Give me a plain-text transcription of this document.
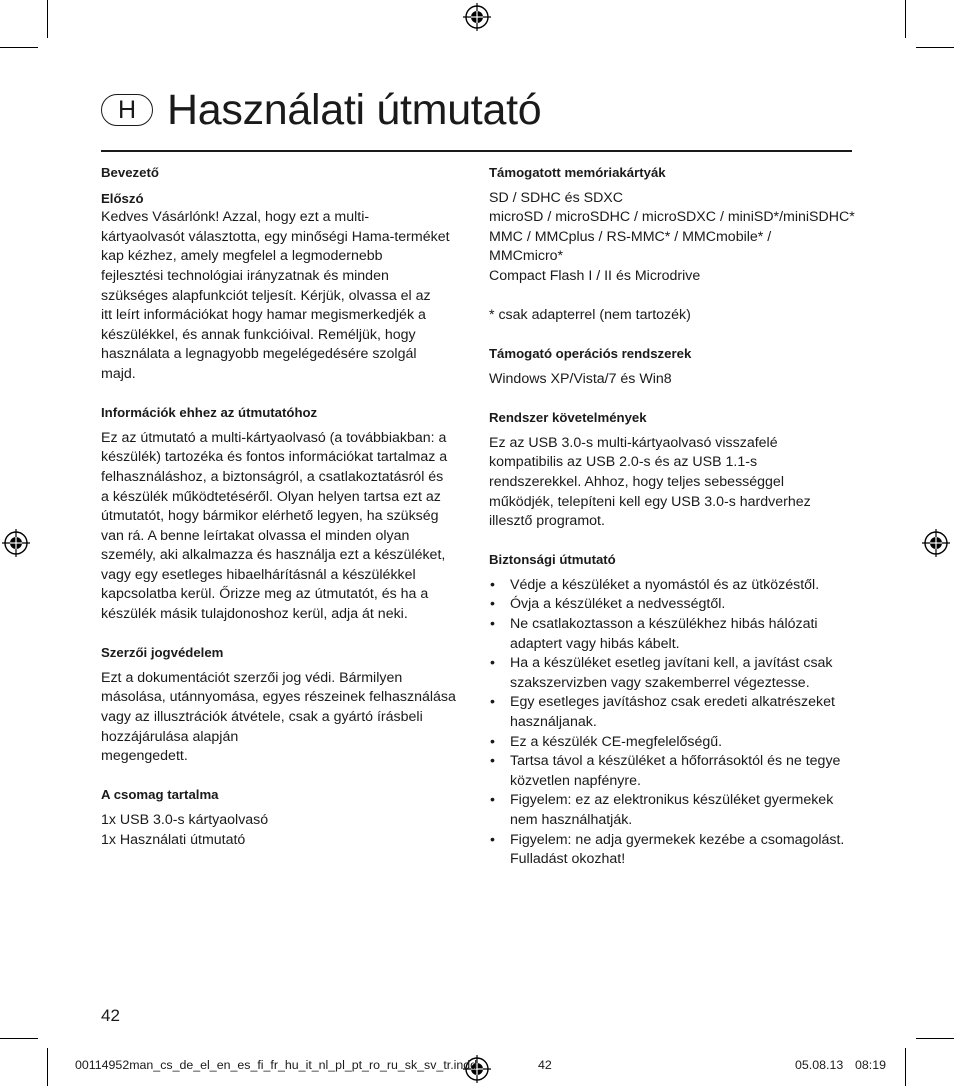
H Használati útmutató

Bevezető

Előszó

Kedves Vásárlónk! Azzal, hogy ezt a multi-
kártyaolvasót választotta, egy minőségi Hama-terméket
kap kézhez, amely megfelel a legmodernebb
fejlesztési technológiai irányzatnak és minden
szükséges alapfunkciót teljesít. Kérjük, olvassa el az
itt leírt információkat hogy hamar megismerkedjék a
készülékkel, és annak funkcióival. Reméljük, hogy
használata a legnagyobb megelégedésére szolgál
majd.

Információk ehhez az útmutatóhoz

Ez az útmutató a multi-kártyaolvasó (a továbbiakban: a
készülék) tartozéka és fontos információkat tartalmaz a
felhasználáshoz, a biztonságról, a csatlakoztatásról és
a készülék működtetéséről. Olyan helyen tartsa ezt az
útmutatót, hogy bármikor elérhető legyen, ha szükség
van rá. A benne leírtakat olvassa el minden olyan
személy, aki alkalmazza és használja ezt a készüléket,
vagy egy esetleges hibaelhárításnál a készülékkel
kapcsolatba kerül. Őrizze meg az útmutatót, és ha a
készülék másik tulajdonoshoz kerül, adja át neki.

Szerzői jogvédelem

Ezt a dokumentációt szerzői jog védi. Bármilyen
másolása, utánnyomása, egyes részeinek felhasználása
vagy az illusztrációk átvétele, csak a gyártó írásbeli
hozzájárulása alapján
megengedett.

A csomag tartalma

1x USB 3.0-s kártyaolvasó
1x Használati útmutató

Támogatott memóriakártyák

SD / SDHC és SDXC
microSD / microSDHC / microSDXC / miniSD*/miniSDHC*
MMC / MMCplus / RS-MMC* / MMCmobile* /
MMCmicro*
Compact Flash I / II és Microdrive

* csak adapterrel (nem tartozék)

Támogató operációs rendszerek

Windows XP/Vista/7 és Win8

Rendszer követelmények

Ez az USB 3.0-s multi-kártyaolvasó visszafelé
kompatibilis az USB 2.0-s és az USB 1.1-s
rendszerekkel. Ahhoz, hogy teljes sebességgel
működjék, telepíteni kell egy USB 3.0-s hardverhez
illesztő programot.

Biztonsági útmutató

• Védje a készüléket a nyomástól és az ütközéstől.
• Óvja a készüléket a nedvességtől.
• Ne csatlakoztasson a készülékhez hibás hálózati
adaptert vagy hibás kábelt.
• Ha a készüléket esetleg javítani kell, a javítást csak
szakszervizben vagy szakemberrel végeztesse.
• Egy esetleges javításhoz csak eredeti alkatrészeket
használjanak.
• Ez a készülék CE-megfelelőségű.
• Tartsa távol a készüléket a hőforrásoktól és ne tegye
közvetlen napfényre.
• Figyelem: ez az elektronikus készüléket gyermekek
nem használhatják.
• Figyelem: ne adja gyermekek kezébe a csomagolást.
Fulladást okozhat!
42
00114952man_cs_de_el_en_es_fi_fr_hu_it_nl_pl_pt_ro_ru_sk_sv_tr.indd	42	05.08.13 08:19
